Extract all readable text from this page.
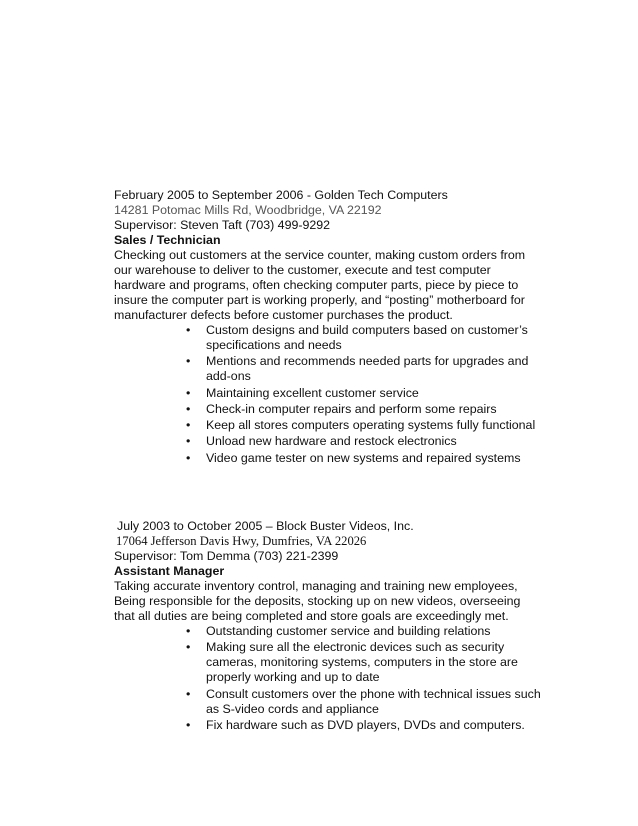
February 2005 to September 2006 - Golden Tech Computers
14281 Potomac Mills Rd, Woodbridge, VA 22192
Supervisor: Steven Taft (703) 499-9292
Sales / Technician
Checking out customers at the service counter, making custom orders from our warehouse to deliver to the customer, execute and test computer hardware and programs, often checking computer parts, piece by piece to insure the computer part is working properly, and “posting” motherboard for manufacturer defects before customer purchases the product.
• Custom designs and build computers based on customer’s specifications and needs
• Mentions and recommends needed parts for upgrades and add-ons
• Maintaining excellent customer service
• Check-in computer repairs and perform some repairs
• Keep all stores computers operating systems fully functional
• Unload new hardware and restock electronics
• Video game tester on new systems and repaired systems
July 2003 to October 2005 – Block Buster Videos, Inc.
17064 Jefferson Davis Hwy, Dumfries, VA 22026
Supervisor: Tom Demma (703) 221-2399
Assistant Manager
Taking accurate inventory control, managing and training new employees, Being responsible for the deposits, stocking up on new videos, overseeing that all duties are being completed and store goals are exceedingly met.
• Outstanding customer service and building relations
• Making sure all the electronic devices such as security cameras, monitoring systems, computers in the store are properly working and up to date
• Consult customers over the phone with technical issues such as S-video cords and appliance
• Fix hardware such as DVD players, DVDs and computers.
